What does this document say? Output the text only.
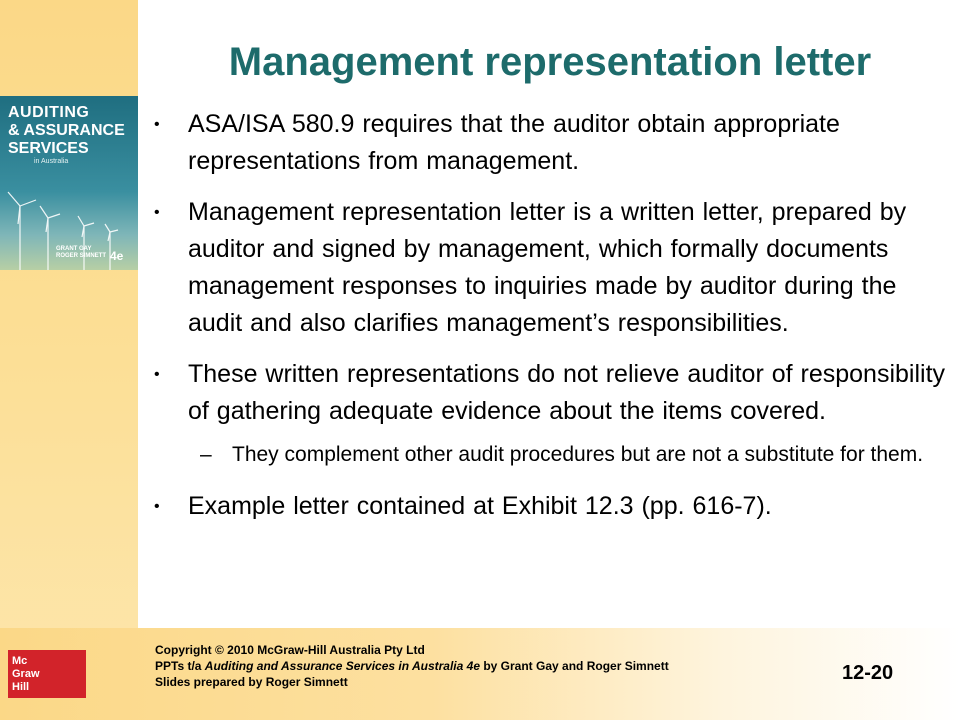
AUDITING
& ASSURANCE
SERVICES
in Australia
GRANT GAY
ROGER SIMNETT 4e
Management representation letter
• ASA/ISA 580.9 requires that the auditor obtain appropriate representations from management.
• Management representation letter is a written letter, prepared by auditor and signed by management, which formally documents management responses to inquiries made by auditor during the audit and also clarifies management’s responsibilities.
• These written representations do not relieve auditor of responsibility of gathering adequate evidence about the items covered.
– They complement other audit procedures but are not a substitute for them.
• Example letter contained at Exhibit 12.3 (pp. 616-7).
Mc
Graw
Hill
Copyright © 2010 McGraw-Hill Australia Pty Ltd
PPTs t/a Auditing and Assurance Services in Australia 4e by Grant Gay and Roger Simnett
Slides prepared by Roger Simnett	12-20
